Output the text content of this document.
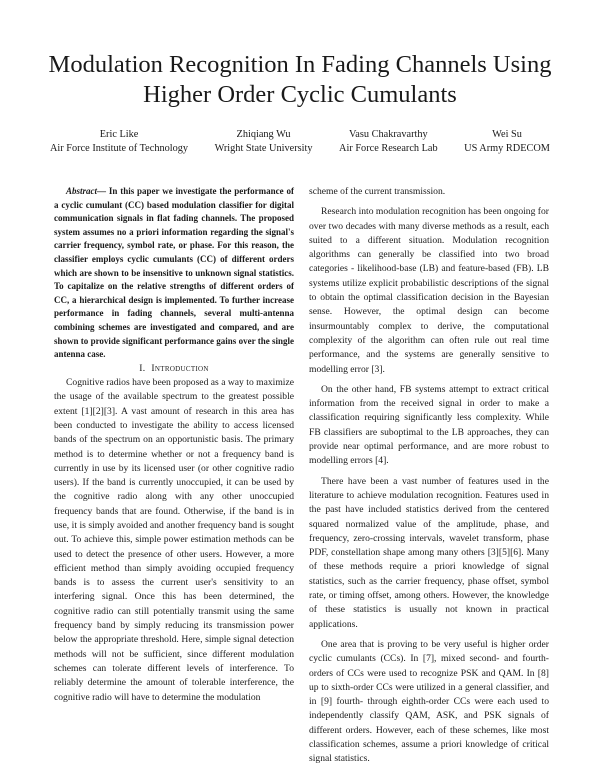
Modulation Recognition In Fading Channels Using
Higher Order Cyclic Cumulants
Eric Like
Air Force Institute of Technology
Zhiqiang Wu
Wright State University
Vasu Chakravarthy
Air Force Research Lab
Wei Su
US Army RDECOM

Abstract— In this paper we investigate the performance of a cyclic cumulant (CC) based modulation classifier for digital communication signals in flat fading channels. The proposed system assumes no a priori information regarding the signal's carrier frequency, symbol rate, or phase. For this reason, the classifier employs cyclic cumulants (CC) of different orders which are shown to be insensitive to unknown signal statistics. To capitalize on the relative strengths of different orders of CC, a hierarchical design is implemented. To further increase performance in fading channels, several multi-antenna combining schemes are investigated and compared, and are shown to provide significant performance gains over the single antenna case.

I. Introduction

Cognitive radios have been proposed as a way to maximize the usage of the available spectrum to the greatest possible extent [1][2][3]. A vast amount of research in this area has been conducted to investigate the ability to access licensed bands of the spectrum on an opportunistic basis. The primary method is to determine whether or not a frequency band is currently in use by its licensed user (or other cognitive radio users). If the band is currently unoccupied, it can be used by the cognitive radio along with any other unoccupied frequency bands that are found. Otherwise, if the band is in use, it is simply avoided and another frequency band is sought out. To achieve this, simple power estimation methods can be used to detect the presence of other users. However, a more efficient method than simply avoiding occupied frequency bands is to assess the current user's sensitivity to an interfering signal. Once this has been determined, the cognitive radio can still potentially transmit using the same frequency band by simply reducing its transmission power below the appropriate threshold. Here, simple signal detection methods will not be sufficient, since different modulation schemes can tolerate different levels of interference. To reliably determine the amount of tolerable interference, the cognitive radio will have to determine the modulation

scheme of the current transmission.

Research into modulation recognition has been ongoing for over two decades with many diverse methods as a result, each suited to a different situation. Modulation recognition algorithms can generally be classified into two broad categories - likelihood-base (LB) and feature-based (FB). LB systems utilize explicit probabilistic descriptions of the signal to obtain the optimal classification decision in the Bayesian sense. However, the optimal design can become insurmountably complex to derive, the computational complexity of the algorithm can often rule out real time performance, and the systems are generally sensitive to modelling error [3].

On the other hand, FB systems attempt to extract critical information from the received signal in order to make a classification requiring significantly less complexity. While FB classifiers are suboptimal to the LB approaches, they can provide near optimal performance, and are more robust to modelling errors [4].

There have been a vast number of features used in the literature to achieve modulation recognition. Features used in the past have included statistics derived from the centered squared normalized value of the amplitude, phase, and frequency, zero-crossing intervals, wavelet transform, phase PDF, constellation shape among many others [3][5][6]. Many of these methods require a priori knowledge of signal statistics, such as the carrier frequency, phase offset, symbol rate, or timing offset, among others. However, the knowledge of these statistics is usually not known in practical applications.

One area that is proving to be very useful is higher order cyclic cumulants (CCs). In [7], mixed second- and fourth-orders of CCs were used to recognize PSK and QAM. In [8] up to sixth-order CCs were utilized in a general classifier, and in [9] fourth- through eighth-order CCs were each used to independently classify QAM, ASK, and PSK signals of different orders. However, each of these schemes, like most classification schemes, assume a priori knowledge of critical signal statistics.
